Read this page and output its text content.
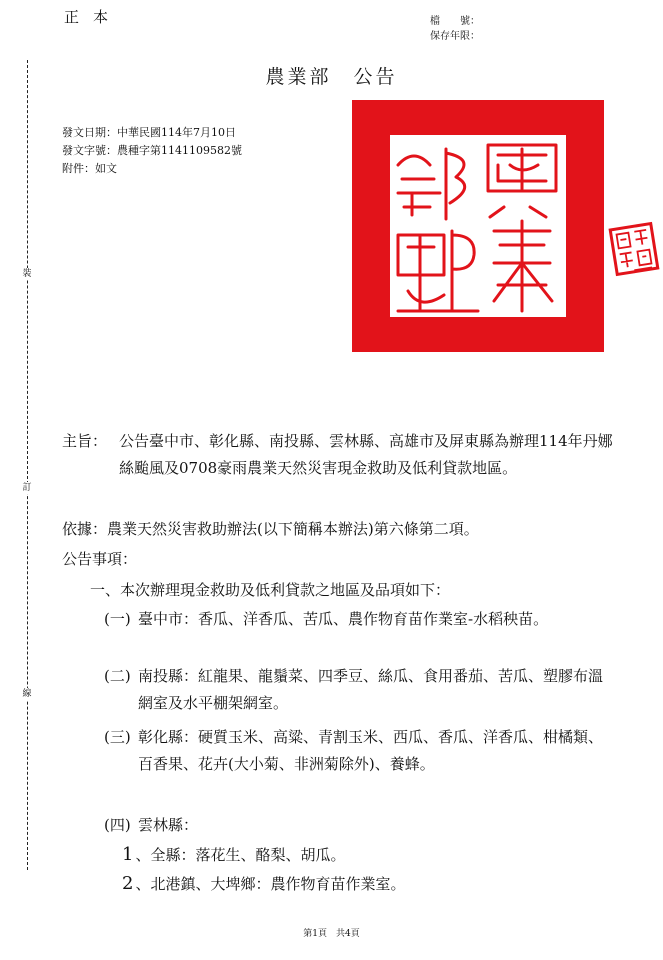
正本	檔　　號：
保存年限：
農業部　公告
發文日期：中華民國114年7月10日
發文字號：農種字第1141109582號
附件：如文
裝
訂
線
主旨： 公告臺中市、彰化縣、南投縣、雲林縣、高雄市及屏東縣為辦理114年丹娜絲颱風及0708豪雨農業天然災害現金救助及低利貸款地區。
依據：農業天然災害救助辦法(以下簡稱本辦法)第六條第二項。
公告事項：
一、本次辦理現金救助及低利貸款之地區及品項如下：
(一) 臺中市：香瓜、洋香瓜、苦瓜、農作物育苗作業室-水稻秧苗。
(二) 南投縣：紅龍果、龍鬚菜、四季豆、絲瓜、食用番茄、苦瓜、塑膠布溫網室及水平棚架網室。
(三) 彰化縣：硬質玉米、高粱、青割玉米、西瓜、香瓜、洋香瓜、柑橘類、百香果、花卉(大小菊、非洲菊除外)、養蜂。
(四) 雲林縣：
1 、全縣：落花生、酪梨、胡瓜。
2 、北港鎮、大埤鄉：農作物育苗作業室。
第1頁　共4頁
